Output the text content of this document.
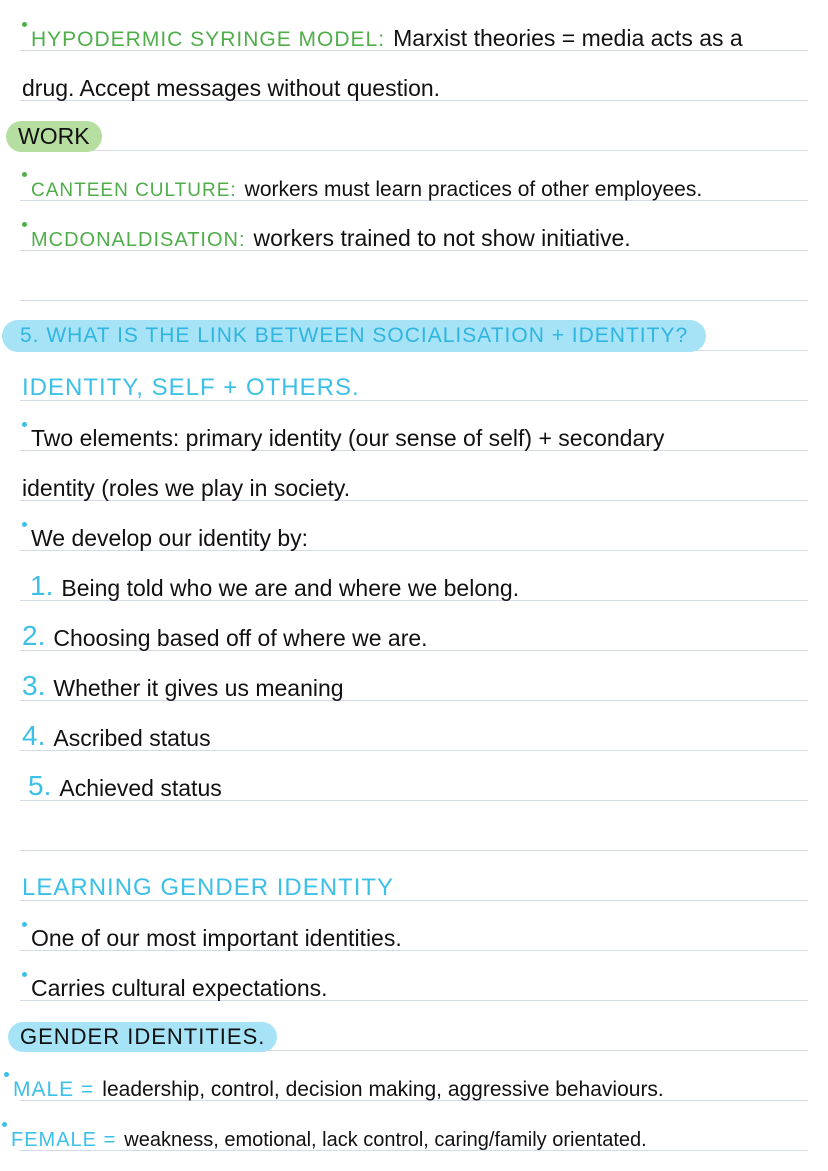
HYPODERMIC SYRINGE MODEL: Marxist theories = media acts as a
drug. Accept messages without question.
WORK
CANTEEN CULTURE: workers must learn practices of other employees.
MCDONALDISATION: workers trained to not show initiative.
5. WHAT IS THE LINK BETWEEN SOCIALISATION + IDENTITY?
IDENTITY, SELF + OTHERS.
Two elements: primary identity (our sense of self) + secondary
identity (roles we play in society.
We develop our identity by:
1. Being told who we are and where we belong.
2. Choosing based off of where we are.
3. Whether it gives us meaning
4. Ascribed status
5. Achieved status
LEARNING GENDER IDENTITY
One of our most important identities.
Carries cultural expectations.
GENDER IDENTITIES.
MALE = leadership, control, decision making, aggressive behaviours.
FEMALE = weakness, emotional, lack control, caring/family orientated.
